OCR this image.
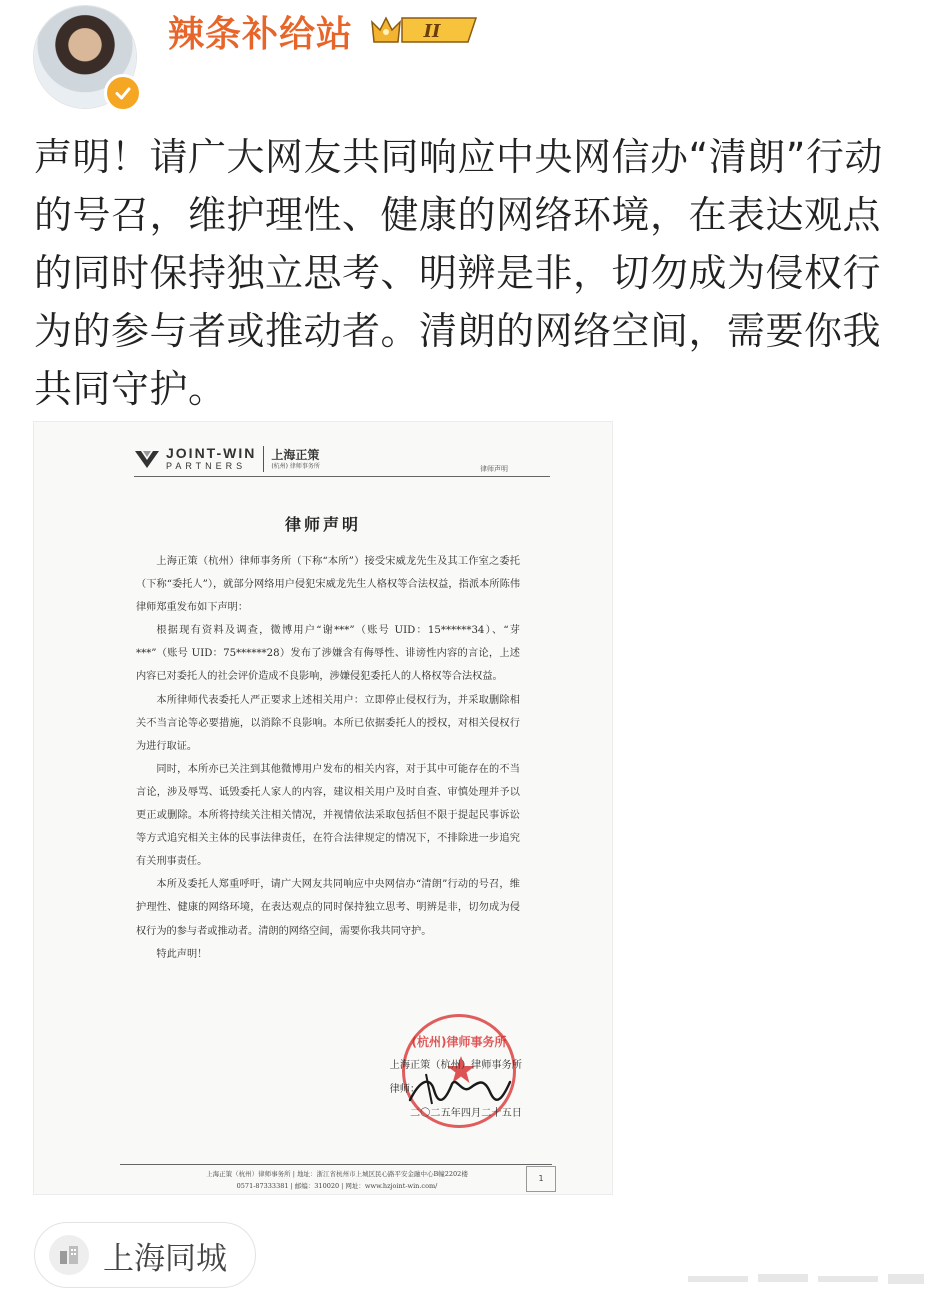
辣条补给站	II
声明！请广大网友共同响应中央网信办“清朗”行动的号召，维护理性、健康的网络环境，在表达观点的同时保持独立思考、明辨是非，切勿成为侵权行为的参与者或推动者。清朗的网络空间，需要你我共同守护。
JOINT-WIN
PARTNERS
上海正策
(杭州) 律师事务所	律师声明
律师声明

上海正策（杭州）律师事务所（下称“本所”）接受宋威龙先生及其工作室之委托（下称“委托人”），就部分网络用户侵犯宋威龙先生人格权等合法权益，指派本所陈伟律师郑重发布如下声明：

根据现有资料及调查，微博用户“谢***”（账号 UID：15******34）、“芽***”（账号 UID：75******28）发布了涉嫌含有侮辱性、诽谤性内容的言论，上述内容已对委托人的社会评价造成不良影响，涉嫌侵犯委托人的人格权等合法权益。

本所律师代表委托人严正要求上述相关用户：立即停止侵权行为，并采取删除相关不当言论等必要措施，以消除不良影响。本所已依据委托人的授权，对相关侵权行为进行取证。

同时，本所亦已关注到其他微博用户发布的相关内容，对于其中可能存在的不当言论，涉及辱骂、诋毁委托人家人的内容，建议相关用户及时自查、审慎处理并予以更正或删除。本所将持续关注相关情况，并视情依法采取包括但不限于提起民事诉讼等方式追究相关主体的民事法律责任，在符合法律规定的情况下，不排除进一步追究有关刑事责任。

本所及委托人郑重呼吁，请广大网友共同响应中央网信办“清朗”行动的号召，维护理性、健康的网络环境，在表达观点的同时保持独立思考、明辨是非，切勿成为侵权行为的参与者或推动者。清朗的网络空间，需要你我共同守护。

特此声明！

(杭州)律师事务所
上海正策（杭州）律师事务所
律师：
二〇二五年四月二十五日
上海正策（杭州）律师事务所 | 地址：浙江省杭州市上城区民心路平安金融中心B幢2202楼
0571-87333381 | 邮编：310020 | 网址：www.hzjoint-win.com/
1
上海同城
